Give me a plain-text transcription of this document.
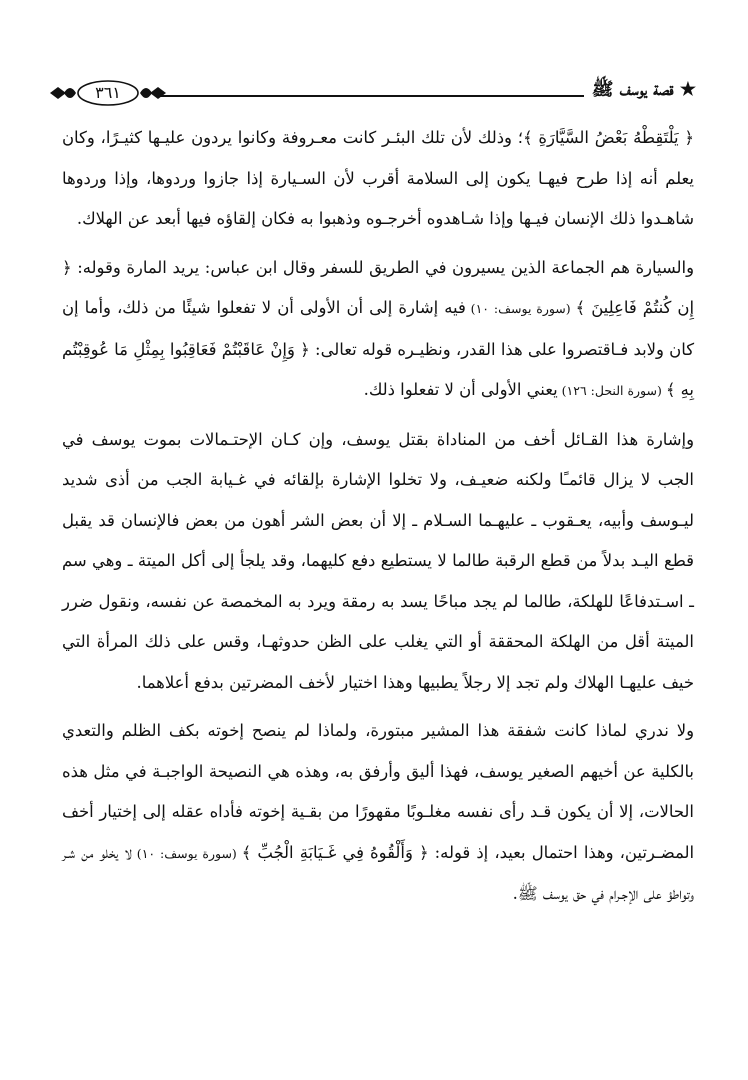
★ قصة يوسف ﷺ
٣٦١

﴿ يَلْتَقِطْهُ بَعْضُ السَّيَّارَةِ ﴾؛ وذلك لأن تلك البئـر كانت معـروفة وكانوا يردون عليـها كثيـرًا، وكان يعلم أنه إذا طرح فيهـا يكون إلى السلامة أقرب لأن السـيارة إذا جازوا وردوها، وإذا وردوها شاهـدوا ذلك الإنسان فيـها وإذا شـاهدوه أخرجـوه وذهبوا به فكان إلقاؤه فيها أبعد عن الهلاك.

والسيارة هم الجماعة الذين يسيرون في الطريق للسفر وقال ابن عباس: يريد المارة وقوله: ﴿ إِن كُنتُمْ فَاعِلِينَ ﴾ (سورة يوسف: ١٠) فيه إشارة إلى أن الأولى أن لا تفعلوا شيئًا من ذلك، وأما إن كان ولابد فـاقتصروا على هذا القدر، ونظيـره قوله تعالى: ﴿ وَإِنْ عَاقَبْتُمْ فَعَاقِبُوا بِمِثْلِ مَا عُوقِبْتُم بِهِ ﴾ (سورة النحل: ١٢٦) يعني الأولى أن لا تفعلوا ذلك.

وإشارة هذا القـائل أخف من المناداة بقتل يوسف، وإن كـان الإحتـمالات بموت يوسف في الجب لا يزال قائمـًا ولكنه ضعيـف، ولا تخلوا الإشارة بإلقائه في غـيابة الجب من أذى شديد ليـوسف وأبيه، يعـقوب ـ عليهـما السـلام ـ إلا أن بعض الشر أهون من بعض فالإنسان قد يقبل قطع اليـد بدلاً من قطع الرقبة طالما لا يستطيع دفع كليهما، وقد يلجأ إلى أكل الميتة ـ وهي سم ـ اسـتدفاعًا للهلكة، طالما لم يجد مباحًا يسد به رمقة ويرد به المخمصة عن نفسه، ونقول ضرر الميتة أقل من الهلكة المحققة أو التي يغلب على الظن حدوثهـا، وقس على ذلك المرأة التي خيف عليهـا الهلاك ولم تجد إلا رجلاً يطبيها وهذا اختيار لأخف المضرتين بدفع أعلاهما.

ولا ندري لماذا كانت شفقة هذا المشير مبتورة، ولماذا لم ينصح إخوته بكف الظلم والتعدي بالكلية عن أخيهم الصغير يوسف، فهذا أليق وأرفق به، وهذه هي النصيحة الواجبـة في مثل هذه الحالات، إلا أن يكون قـد رأى نفسه مغلـوبًا مقهورًا من بقـية إخوته فأداه عقله إلى إختيار أخف المضـرتين، وهذا احتمال بعيد، إذ قوله: ﴿ وَأَلْقُوهُ فِي غَـيَابَةِ الْجُبِّ ﴾ (سورة يوسف: ١٠) لا يخلو من شـر وتواطؤ على الإجـرام في حق يوسف ﷺ.
